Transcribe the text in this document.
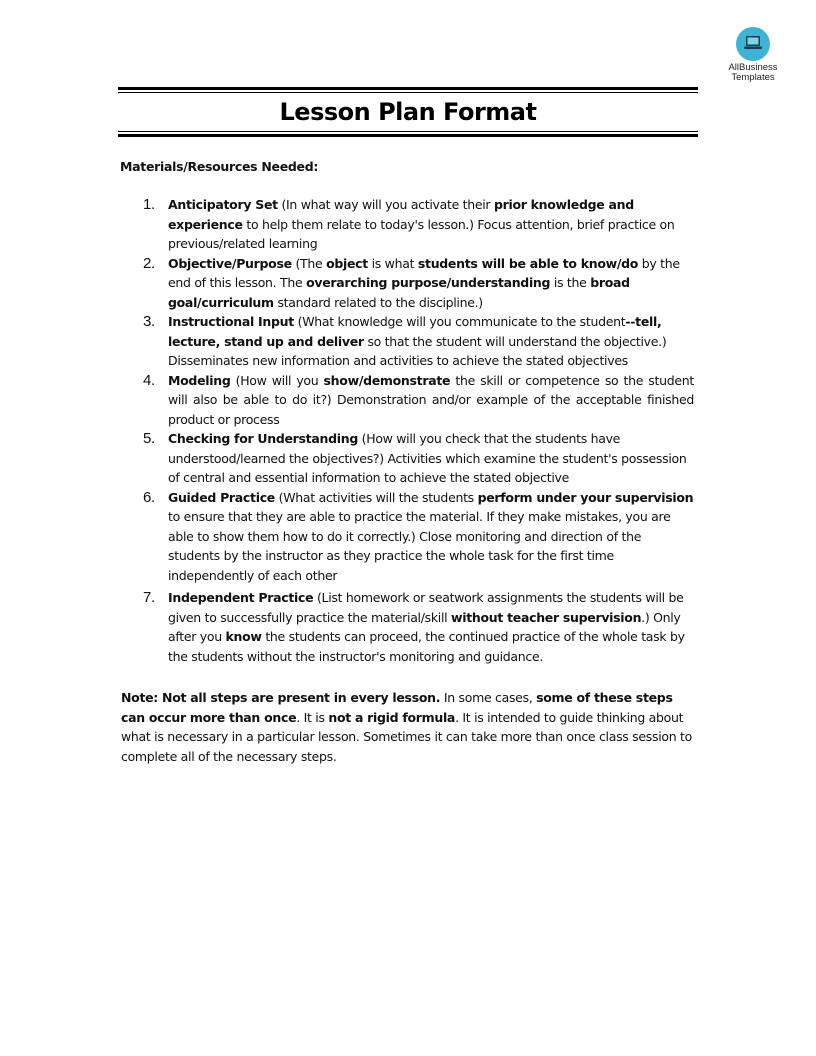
AllBusiness
Templates
Lesson Plan Format

Materials/Resources Needed:

1. Anticipatory Set (In what way will you activate their prior knowledge and experience to help them relate to today's lesson.) Focus attention, brief practice on previous/related learning
2. Objective/Purpose (The object is what students will be able to know/do by the end of this lesson. The overarching purpose/understanding is the broad goal/curriculum standard related to the discipline.)
3. Instructional Input (What knowledge will you communicate to the student--tell, lecture, stand up and deliver so that the student will understand the objective.) Disseminates new information and activities to achieve the stated objectives
4. Modeling (How will you show/demonstrate the skill or competence so the student will also be able to do it?) Demonstration and/or example of the acceptable finished product or process
5. Checking for Understanding (How will you check that the students have understood/learned the objectives?) Activities which examine the student's possession of central and essential information to achieve the stated objective
6. Guided Practice (What activities will the students perform under your supervision to ensure that they are able to practice the material. If they make mistakes, you are able to show them how to do it correctly.) Close monitoring and direction of the students by the instructor as they practice the whole task for the first time independently of each other
7. Independent Practice (List homework or seatwork assignments the students will be given to successfully practice the material/skill without teacher supervision.) Only after you know the students can proceed, the continued practice of the whole task by the students without the instructor's monitoring and guidance.

Note: Not all steps are present in every lesson. In some cases, some of these steps can occur more than once. It is not a rigid formula. It is intended to guide thinking about what is necessary in a particular lesson. Sometimes it can take more than once class session to complete all of the necessary steps.
